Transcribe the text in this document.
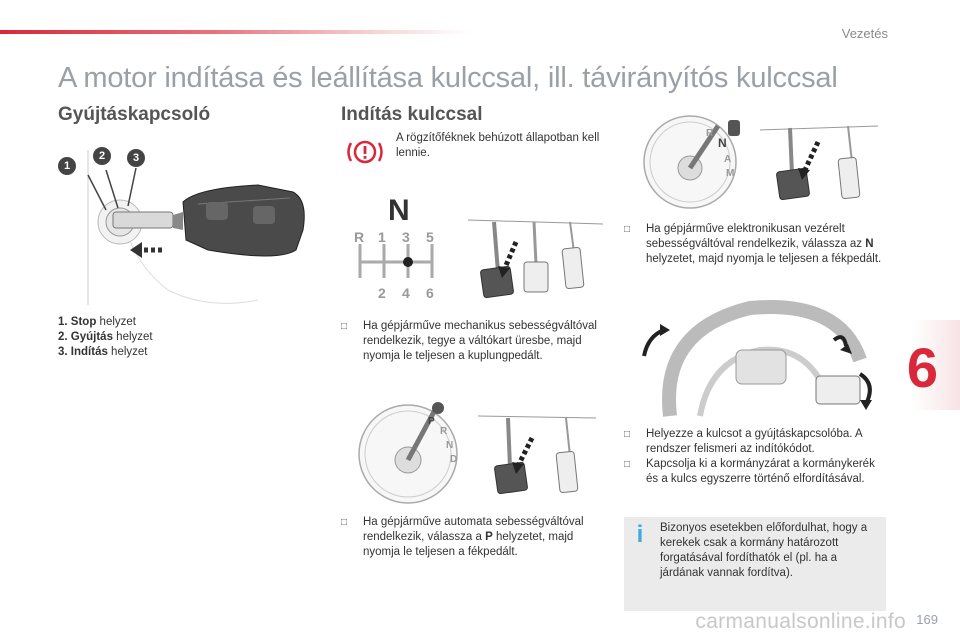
Vezetés
A motor indítása és leállítása kulccsal, ill. távirányítós kulccsal
Gyújtáskapcsoló
1
2	3
1. Stop helyzet
2. Gyújtás helyzet
3. Indítás helyzet
Indítás kulccsal
A rögzítőféknek behúzott állapotban kell lennie.
N
R 1 3 5
2 4 6
□ Ha gépjárműve mechanikus sebességváltóval rendelkezik, tegye a váltókart üresbe, majd nyomja le teljesen a kuplungpedált.
P
R
N
D
□ Ha gépjárműve automata sebességváltóval rendelkezik, válassza a P helyzetet, majd nyomja le teljesen a fékpedált.
N
R
A
M
□ Ha gépjárműve elektronikusan vezérelt sebességváltóval rendelkezik, válassza az N helyzetet, majd nyomja le teljesen a fékpedált.
□ Helyezze a kulcsot a gyújtáskapcsolóba. A rendszer felismeri az indítókódot.
□ Kapcsolja ki a kormányzárat a kormánykerék és a kulcs egyszerre történő elfordításával.
i	Bizonyos esetekben előfordulhat, hogy a kerekek csak a kormány határozott forgatásával fordíthatók el (pl. ha a járdának vannak fordítva).
6
carmanualsonline.info 169
